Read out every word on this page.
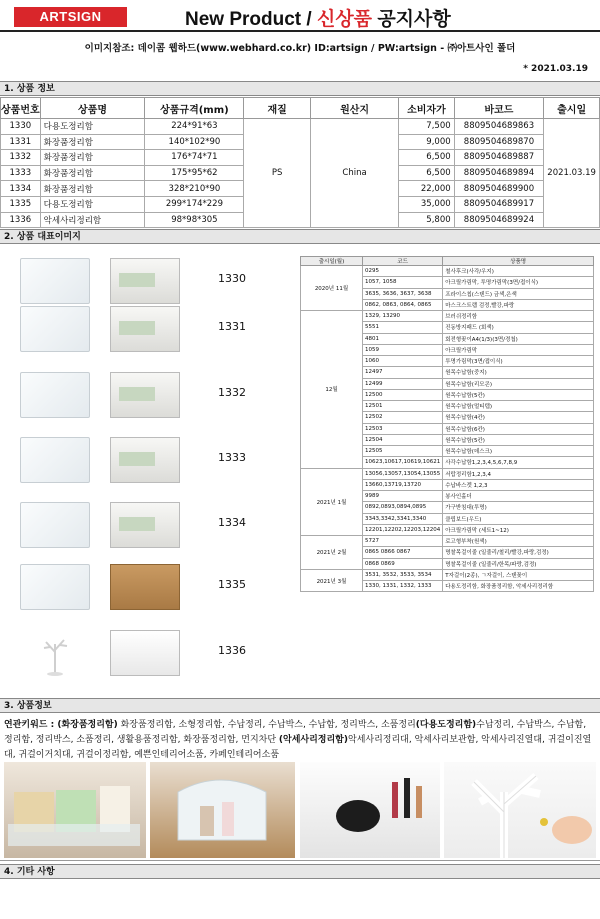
ARTSIGN	New Product / 신상품 공지사항
이미지참조: 데이콤 웹하드(www.webhard.co.kr) ID:artsign / PW:artsign - ㈜아트사인 폴더
* 2021.03.19
1. 상품 정보
상품번호	상품명	상품규격(mm)	재질	원산지	소비자가	바코드	출시일
1330	다용도정리함	224*91*63	PS	China	7,500	8809504689863	2021.03.19
1331	화장품정리함	140*102*90			9,000	8809504689870	
1332	화장품정리함	176*74*71			6,500	8809504689887	
1333	화장품정리함	175*95*62			6,500	8809504689894	
1334	화장품정리함	328*210*90			22,000	8809504689900	
1335	다용도정리함	299*174*229			35,000	8809504689917	
1336	악세사리정리함	98*98*305			5,800	8809504689924	
2. 상품 대표이미지
1330
1331
1332
1333
1334
1335
1336
출시일(월)	코드	상품명
2020년 11월	0295	철사후크(사각/우지)
	1057, 1058	아크릴가림막, 투명가림막(3면/접이식)
	3635, 3636, 3637, 3638	프라이스칩(스텐드) 금색,은색
	0862, 0863, 0864, 0865	마스크스트랩 검정,빨강,파랑
12월	1329, 13290	브러쉬정리함
	5551	진동방지패드 (회색)
	4801	회전형꽂이A4(1/3)(3면/경첩)
	1059	아크릴가림막
	1060	투명가림막(3면/접이식)
	12497	원목수납함(중지)
	12499	원목수납함(리모콘)
	12500	원목수납함(5칸)
	12501	원목수납함(멀티탭)
	12502	원목수납함(4칸)
	12503	원목수납함(6칸)
	12504	원목수납함(5칸)
	12505	원목수납함(데스크)
	10623,10617,10619,10621	사각수납함1,2,3,4,5,6,7,8,9
2021년 1월	13056,13057,13054,13055	서랍정리함1,2,3,4
	13660,13719,13720	수납바스켓 1,2,3
	9989	봉사인홀더
	0892,0893,0894,0895	가구받침대(투명)
	3343,3342,3341,3340	클립보드(우드)
	12201,12202,12203,12204	아크릴가림막 (세트1~12)
2021년 2월	5727	로고형부착(원색)
	0865 0866 0867	명찰목걸이줄 (일줄리/철리/빨강,파랑,검정)
	0868 0869	명찰목걸이줄 (일줄리/한목/파랑,검정)
2021년 3월	3531, 3532, 3533, 3534	T자걸이(2종), ㄱ자걸이, 스텐꽂이
	1330, 1331, 1332, 1333	다용도정리함, 화장품정리함, 악세사리정리함
3. 상품정보
연관키워드 : (화장품정리함) 화장품정리함, 소형정리함, 수납정리, 수납박스, 수납함, 정리박스, 소품정리(다용도정리함)수납정리, 수납박스, 수납함, 정리함, 정리박스, 소품정리, 생활용품정리함, 화장품정리함, 먼지차단 (악세사리정리함)악세사리정리대, 악세사리보관함, 악세사리진열대, 귀걸이진열대, 귀걸이거치대, 귀걸이정리함, 예쁜인테리어소품, 카페인테리어소품
4. 기타 사항
